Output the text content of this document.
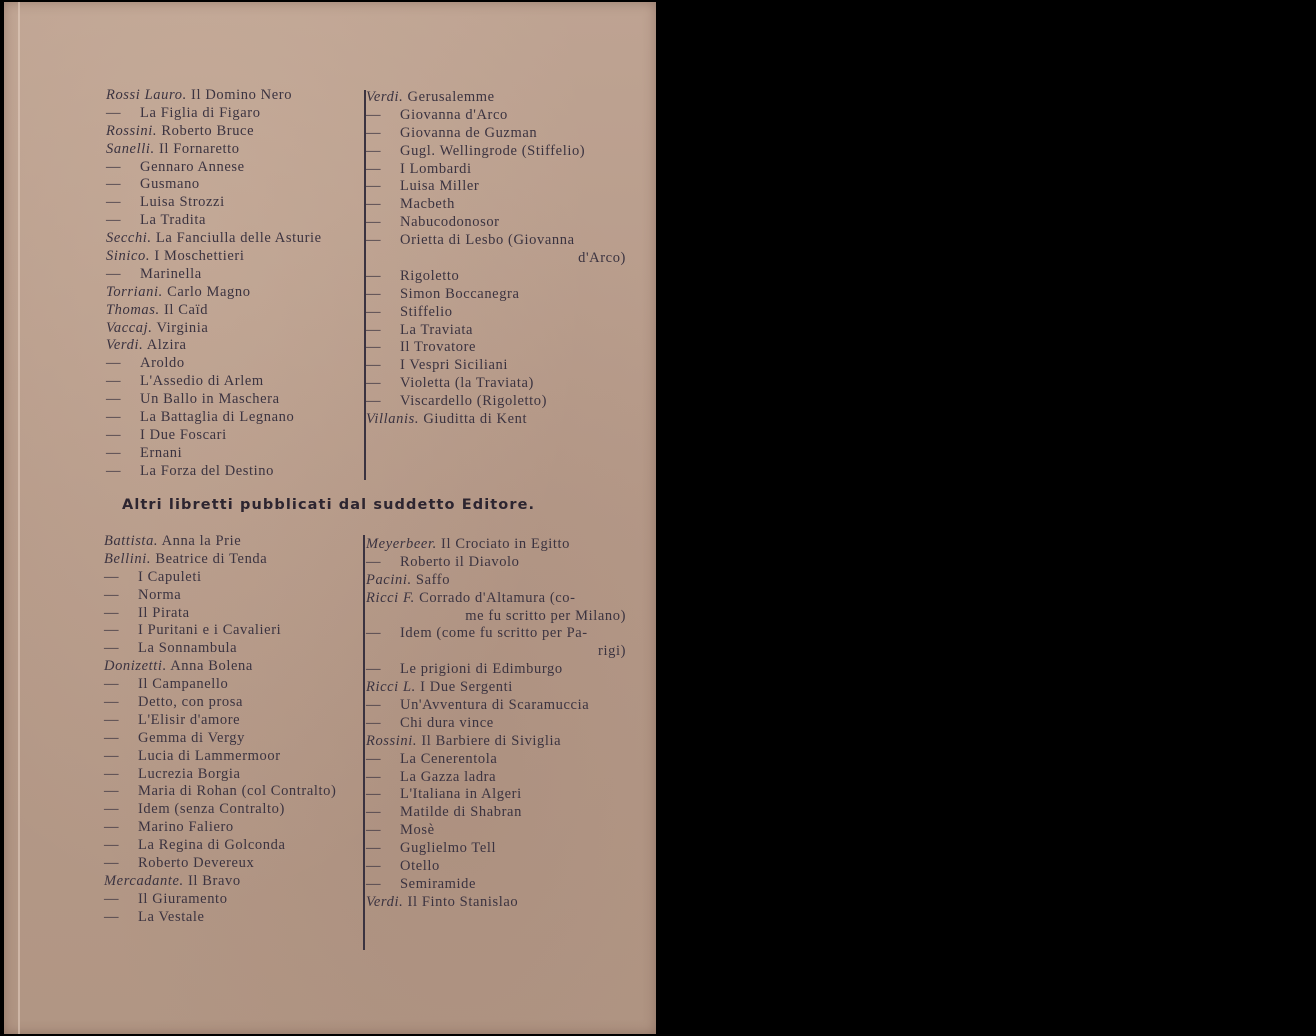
Rossi Lauro. Il Domino Nero
— La Figlia di Figaro
Rossini. Roberto Bruce
Sanelli. Il Fornaretto
— Gennaro Annese
— Gusmano
— Luisa Strozzi
— La Tradita
Secchi. La Fanciulla delle Asturie
Sinico. I Moschettieri
— Marinella
Torriani. Carlo Magno
Thomas. Il Caïd
Vaccaj. Virginia
Verdi. Alzira
— Aroldo
— L'Assedio di Arlem
— Un Ballo in Maschera
— La Battaglia di Legnano
— I Due Foscari
— Ernani
— La Forza del Destino
Verdi. Gerusalemme
— Giovanna d'Arco
— Giovanna de Guzman
— Gugl. Wellingrode (Stiffelio)
— I Lombardi
— Luisa Miller
— Macbeth
— Nabucodonosor
— Orietta di Lesbo (Giovanna
d'Arco)
— Rigoletto
— Simon Boccanegra
— Stiffelio
— La Traviata
— Il Trovatore
— I Vespri Siciliani
— Violetta (la Traviata)
— Viscardello (Rigoletto)
Villanis. Giuditta di Kent
Altri libretti pubblicati dal suddetto Editore.
Battista. Anna la Prie
Bellini. Beatrice di Tenda
— I Capuleti
— Norma
— Il Pirata
— I Puritani e i Cavalieri
— La Sonnambula
Donizetti. Anna Bolena
— Il Campanello
— Detto, con prosa
— L'Elisir d'amore
— Gemma di Vergy
— Lucia di Lammermoor
— Lucrezia Borgia
— Maria di Rohan (col Contralto)
— Idem (senza Contralto)
— Marino Faliero
— La Regina di Golconda
— Roberto Devereux
Mercadante. Il Bravo
— Il Giuramento
— La Vestale
Meyerbeer. Il Crociato in Egitto
— Roberto il Diavolo
Pacini. Saffo
Ricci F. Corrado d'Altamura (co-
me fu scritto per Milano)
— Idem (come fu scritto per Pa-
rigi)
— Le prigioni di Edimburgo
Ricci L. I Due Sergenti
— Un'Avventura di Scaramuccia
— Chi dura vince
Rossini. Il Barbiere di Siviglia
— La Cenerentola
— La Gazza ladra
— L'Italiana in Algeri
— Matilde di Shabran
— Mosè
— Guglielmo Tell
— Otello
— Semiramide
Verdi. Il Finto Stanislao
